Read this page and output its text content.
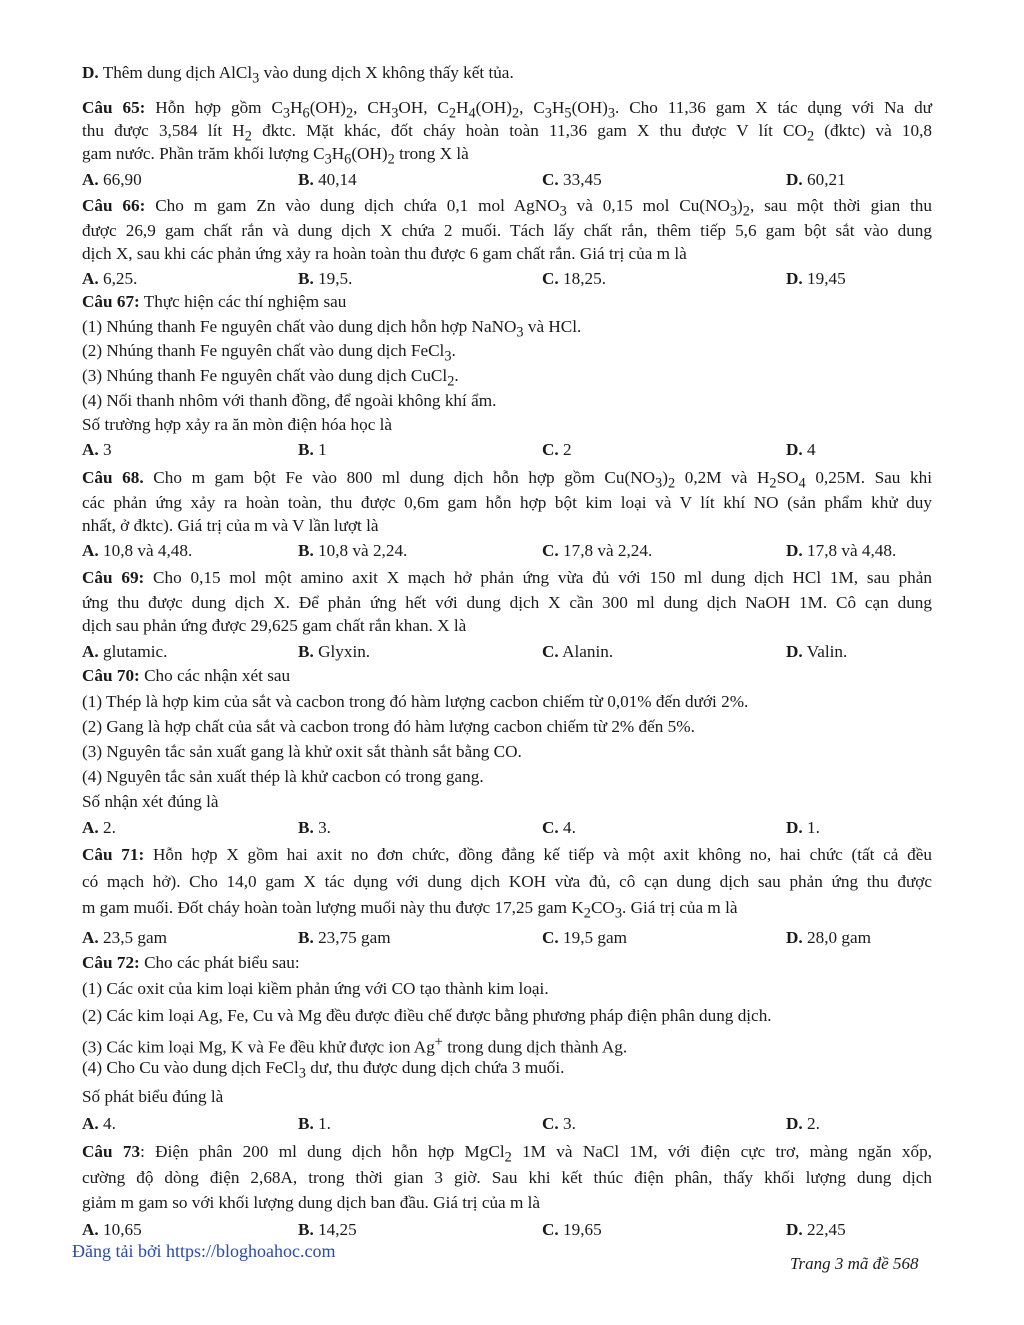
D. Thêm dung dịch AlCl$_3$ vào dung dịch X không thấy kết tủa.
Câu 65: Hỗn hợp gồm $C_3H_6(OH)_2$, $CH_3OH$, $C_2H_4(OH)_2$, $C_3H_5(OH)_3$. Cho 11,36 gam X tác dụng với Na dư
thu được 3,584 lít $H_2$ đktc. Mặt khác, đốt cháy hoàn toàn 11,36 gam X thu được V lít $CO_2$ (đktc) và 10,8
gam nước. Phần trăm khối lượng $C_3H_6(OH)_2$ trong X là
A. 66,90	B. 40,14	C. 33,45	D. 60,21
Câu 66: Cho m gam Zn vào dung dịch chứa 0,1 mol AgNO$_3$ và 0,15 mol $Cu(NO_3)_2$, sau một thời gian thu
được 26,9 gam chất rắn và dung dịch X chứa 2 muối. Tách lấy chất rắn, thêm tiếp 5,6 gam bột sắt vào dung
dịch X, sau khi các phản ứng xảy ra hoàn toàn thu được 6 gam chất rắn. Giá trị của m là
A. 6,25.	B. 19,5.	C. 18,25.	D. 19,45
Câu 67: Thực hiện các thí nghiệm sau
(1) Nhúng thanh Fe nguyên chất vào dung dịch hỗn hợp NaNO$_3$ và HCl.
(2) Nhúng thanh Fe nguyên chất vào dung dịch FeCl$_3$.
(3) Nhúng thanh Fe nguyên chất vào dung dịch CuCl$_2$.
(4) Nối thanh nhôm với thanh đồng, để ngoài không khí ẩm.
Số trường hợp xảy ra ăn mòn điện hóa học là
A. 3	B. 1	C. 2	D. 4
Câu 68. Cho m gam bột Fe vào 800 ml dung dịch hỗn hợp gồm $Cu(NO_3)_2$ 0,2M và $H_2SO_4$ 0,25M. Sau khi
các phản ứng xảy ra hoàn toàn, thu được 0,6m gam hỗn hợp bột kim loại và V lít khí NO (sản phẩm khử duy
nhất, ở đktc). Giá trị của m và V lần lượt là
A. 10,8 và 4,48.	B. 10,8 và 2,24.	C. 17,8 và 2,24.	D. 17,8 và 4,48.
Câu 69: Cho 0,15 mol một amino axit X mạch hở phản ứng vừa đủ với 150 ml dung dịch HCl 1M, sau phản
ứng thu được dung dịch X. Để phản ứng hết với dung dịch X cần 300 ml dung dịch NaOH 1M. Cô cạn dung
dịch sau phản ứng được 29,625 gam chất rắn khan. X là
A. glutamic.	B. Glyxin.	C. Alanin.	D. Valin.
Câu 70: Cho các nhận xét sau
(1) Thép là hợp kim của sắt và cacbon trong đó hàm lượng cacbon chiếm từ 0,01% đến dưới 2%.
(2) Gang là hợp chất của sắt và cacbon trong đó hàm lượng cacbon chiếm từ 2% đến 5%.
(3) Nguyên tắc sản xuất gang là khử oxit sắt thành sắt bằng CO.
(4) Nguyên tắc sản xuất thép là khử cacbon có trong gang.
Số nhận xét đúng là
A. 2.	B. 3.	C. 4.	D. 1.
Câu 71: Hỗn hợp X gồm hai axit no đơn chức, đồng đẳng kế tiếp và một axit không no, hai chức (tất cả đều
có mạch hở). Cho 14,0 gam X tác dụng với dung dịch KOH vừa đủ, cô cạn dung dịch sau phản ứng thu được
m gam muối. Đốt cháy hoàn toàn lượng muối này thu được 17,25 gam $K_2CO_3$. Giá trị của m là
A. 23,5 gam	B. 23,75 gam	C. 19,5 gam	D. 28,0 gam
Câu 72: Cho các phát biểu sau:
(1) Các oxit của kim loại kiềm phản ứng với CO tạo thành kim loại.
(2) Các kim loại Ag, Fe, Cu và Mg đều được điều chế được bằng phương pháp điện phân dung dịch.
(3) Các kim loại Mg, K và Fe đều khử được ion Ag+ trong dung dịch thành Ag.
(4) Cho Cu vào dung dịch FeCl$_3$ dư, thu được dung dịch chứa 3 muối.
Số phát biểu đúng là
A. 4.	B. 1.	C. 3.	D. 2.
Câu 73: Điện phân 200 ml dung dịch hỗn hợp MgCl$_2$ 1M và NaCl 1M, với điện cực trơ, màng ngăn xốp,
cường độ dòng điện 2,68A, trong thời gian 3 giờ. Sau khi kết thúc điện phân, thấy khối lượng dung dịch
giảm m gam so với khối lượng dung dịch ban đầu. Giá trị của m là
A. 10,65	B. 14,25	C. 19,65	D. 22,45
Đăng tải bởi https://bloghoahoc.com
Trang 3 mã đề 568
